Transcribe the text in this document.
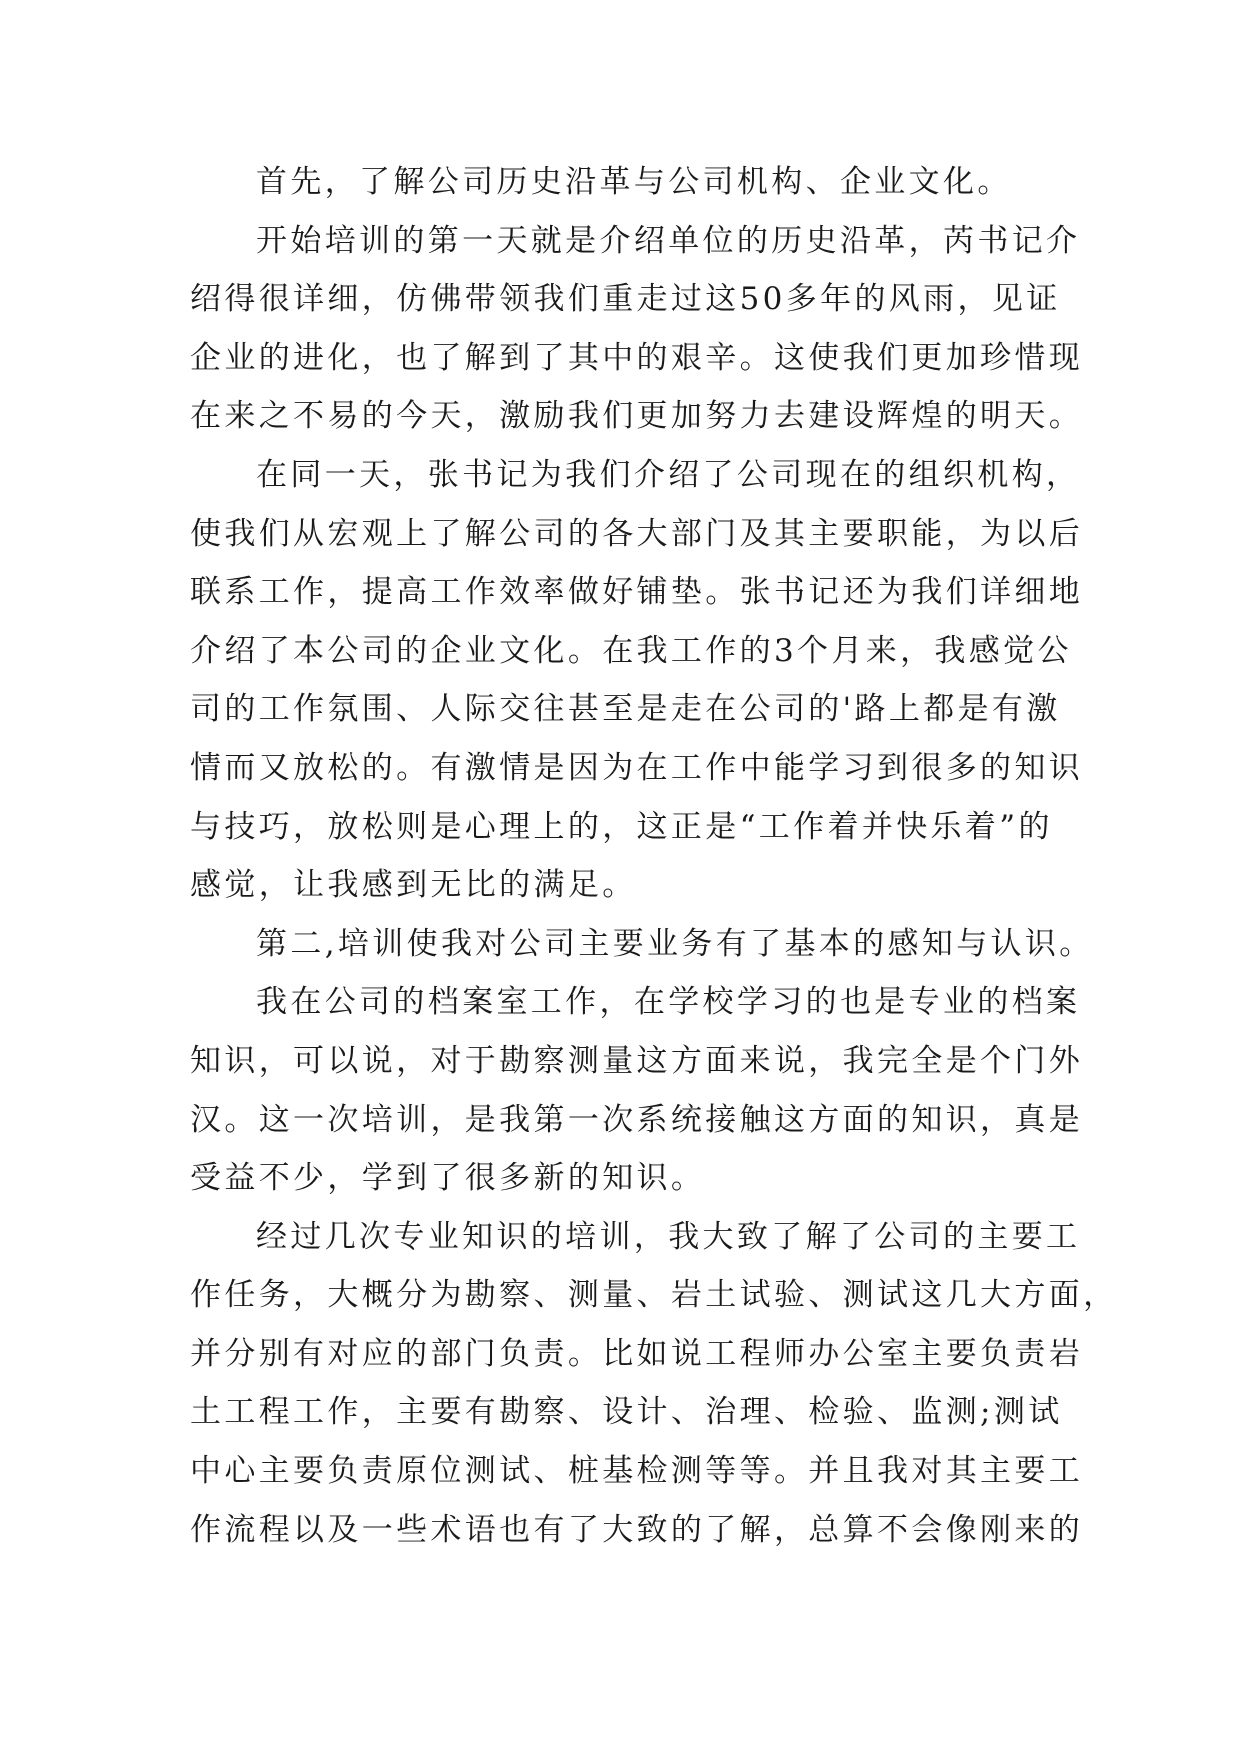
首先，了解公司历史沿革与公司机构、企业文化。
开始培训的第一天就是介绍单位的历史沿革，芮书记介
绍得很详细，仿佛带领我们重走过这50多年的风雨，见证
企业的进化，也了解到了其中的艰辛。这使我们更加珍惜现
在来之不易的今天，激励我们更加努力去建设辉煌的明天。
在同一天，张书记为我们介绍了公司现在的组织机构，
使我们从宏观上了解公司的各大部门及其主要职能，为以后
联系工作，提高工作效率做好铺垫。张书记还为我们详细地
介绍了本公司的企业文化。在我工作的3个月来，我感觉公
司的工作氛围、人际交往甚至是走在公司的'路上都是有激
情而又放松的。有激情是因为在工作中能学习到很多的知识
与技巧，放松则是心理上的，这正是“工作着并快乐着”的
感觉，让我感到无比的满足。
第二,培训使我对公司主要业务有了基本的感知与认识。
我在公司的档案室工作，在学校学习的也是专业的档案
知识，可以说，对于勘察测量这方面来说，我完全是个门外
汉。这一次培训，是我第一次系统接触这方面的知识，真是
受益不少，学到了很多新的知识。
经过几次专业知识的培训，我大致了解了公司的主要工
作任务，大概分为勘察、测量、岩土试验、测试这几大方面，
并分别有对应的部门负责。比如说工程师办公室主要负责岩
土工程工作，主要有勘察、设计、治理、检验、监测;测试
中心主要负责原位测试、桩基检测等等。并且我对其主要工
作流程以及一些术语也有了大致的了解，总算不会像刚来的
